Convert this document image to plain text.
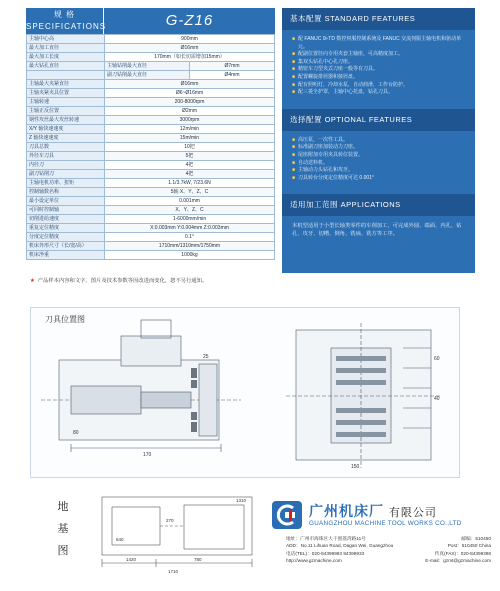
规 格
SPECIFICATIONS	G-Z16
主轴中心高	900mm	
最大加工直径	Ø16mm	
最大加工长度	170mm（如长切需增加15mm）	
最大钻孔直径	主轴钻削最大直径	Ø7mm
	副刀钻削最大直径	Ø4mm
主轴最大夹紧直径	Ø16mm	
主轴夹紧夹具位置	Ø6~Ø16mm	
主轴转速	200-8000rpm	
主轴正反位置	Ø2mm	
钢性攻丝最大攻丝转速	3000rpm	
X/Y 轴快速速度	12m/min	
Z 轴快速速度	15m/min	
刀具总数	10把	
外径车刀具	5把	
内径刀	4把	
副刀钻削刀	4把	
主轴电机功率、扭矩	1.1/3.7kW, 7/23.6N	
控制轴数名称	5轴 X、Y、Z、C	
最小设定单位	0.001mm	
可同时控制轴	X、Y、Z、C	
切削进给速度	1-6000mm/min	
重复定位精度	X:0.003mm Y:0.004mm Z:0.003mm	
分度定位精度	0.1°	
机床外形尺寸（长/宽/高）	1710mm/1310mm/1750mm	
机床净重	1000kg	
基本配置 STANDARD FEATURES
■ 配 FANUC 0i-TD 数控伺服控制系统及 FANUC 交流伺服主轴电机和驱动单元。
■ 配副位置径向专用夹套主轴座，可高精度加工。
■ 集双头钻孔中心孔刀座。
■ 精密车刀型夹式刀座一般等有刀具。
■ 配置螺旋排屑器和接屑盘。
■ 配有照明灯，冷却水泵，自动润滑，工作台防护。
■ 配三菱全护罩，主轴中心托盘，钻孔刀具。
选择配置 OPTIONAL FEATURES
■ 高压泵，一次性工具。
■ 标准副刀座加装动力刀座。
■ 尾座附加专用夹具转位装置。
■ 自动送料机。
■ 主轴动力头钻孔和攻牙。
■ 刀具转台分度定位精度可达 0.001°
适用加工范围 APPLICATIONS
本机型适用于小型长轴类零件的车削加工，可完成外圆、端面、内孔、钻孔、攻牙、切槽、倒角、铣扁、铣方等工序。
★ 产品样本内容和文字、图片及技术参数等因改进而变化，恕不另行通知。
刀具位置图
170
80
25	60
40
150
地
基
图
1420	780
270
1310
1710
640
广州机床厂 有限公司
GUANGZHOU MACHINE TOOL WORKS CO.,LTD
地址：广州市海珠区大干围荔湾路11号	邮编：510450
ADD：No.11 Lihuan Road, Dagan Wei, Guangzhou	Post：510450 China
电话(TEL)：020-84399993 84399933	传真(FAX)：020-84399398
http://www.gzmachine.com	E-mail：gzmt@gzmachine.com
